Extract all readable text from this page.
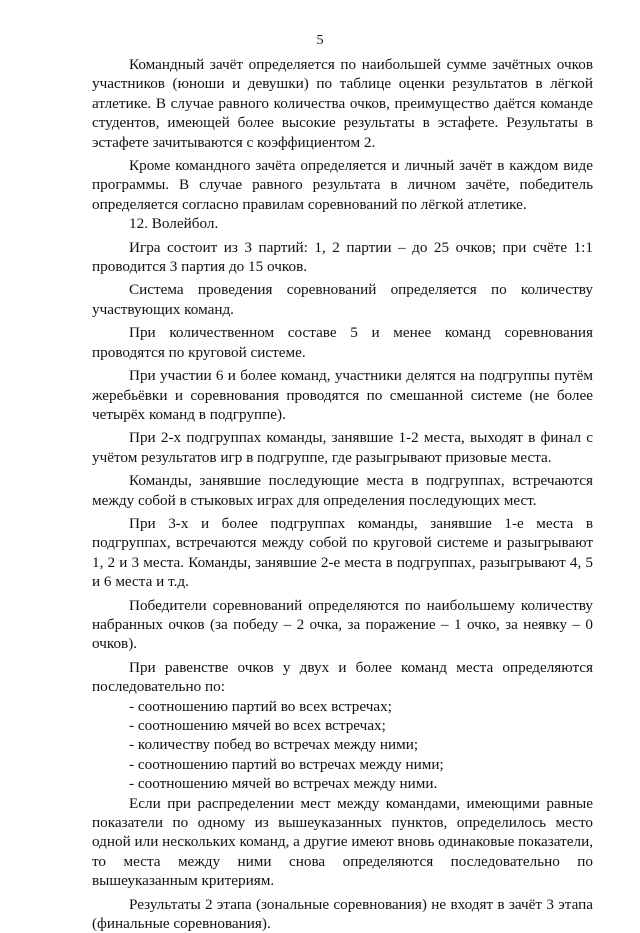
5

Командный зачёт определяется по наибольшей сумме зачётных очков участников (юноши и девушки) по таблице оценки результатов в лёгкой атлетике. В случае равного количества очков, преимущество даётся команде студентов, имеющей более высокие результаты в эстафете. Результаты в эстафете зачитываются с коэффициентом 2.

Кроме командного зачёта определяется и личный зачёт в каждом виде программы. В случае равного результата в личном зачёте, победитель определяется согласно правилам соревнований по лёгкой атлетике.

12. Волейбол.

Игра состоит из 3 партий: 1, 2 партии – до 25 очков; при счёте 1:1 проводится 3 партия до 15 очков.

Система проведения соревнований определяется по количеству участвующих команд.

При количественном составе 5 и менее команд соревнования проводятся по круговой системе.

При участии 6 и более команд, участники делятся на подгруппы путём жеребьёвки и соревнования проводятся по смешанной системе (не более четырёх команд в подгруппе).

При 2-х подгруппах команды, занявшие 1-2 места, выходят в финал с учётом результатов игр в подгруппе, где разыгрывают призовые места.

Команды, занявшие последующие места в подгруппах, встречаются между собой в стыковых играх для определения последующих мест.

При 3-х и более подгруппах команды, занявшие 1-е места в подгруппах, встречаются между собой по круговой системе и разыгрывают 1, 2 и 3 места. Команды, занявшие 2-е места в подгруппах, разыгрывают 4, 5 и 6 места и т.д.

Победители соревнований определяются по наибольшему количеству набранных очков (за победу – 2 очка, за поражение – 1 очко, за неявку – 0 очков).

При равенстве очков у двух и более команд места определяются последовательно по:

- соотношению партий во всех встречах;

- соотношению мячей во всех встречах;

- количеству побед во встречах между ними;

- соотношению партий во встречах между ними;

- соотношению мячей во встречах между ними.

Если при распределении мест между командами, имеющими равные показатели по одному из вышеуказанных пунктов, определилось место одной или нескольких команд, а другие имеют вновь одинаковые показатели, то места между ними снова определяются последовательно по вышеуказанным критериям.

Результаты 2 этапа (зональные соревнования) не входят в зачёт 3 этапа (финальные соревнования).
